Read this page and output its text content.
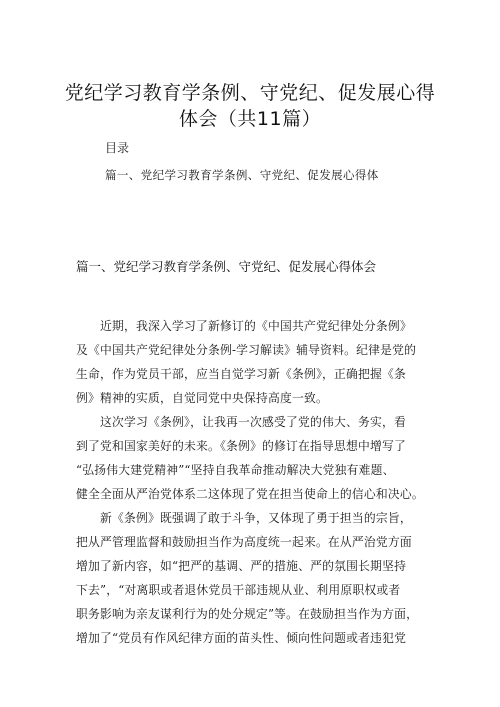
党纪学习教育学条例、守党纪、促发展心得
体会（共11篇）
目录
篇一、党纪学习教育学条例、守党纪、促发展心得体
篇一、党纪学习教育学条例、守党纪、促发展心得体会
　　近期，我深入学习了新修订的《中国共产党纪律处分条例》
及《中国共产党纪律处分条例-学习解读》辅导资料。纪律是党的
生命，作为党员干部，应当自觉学习新《条例》，正确把握《条
例》精神的实质，自觉同党中央保持高度一致。
　　这次学习《条例》，让我再一次感受了党的伟大、务实，看
到了党和国家美好的未来。《条例》的修订在指导思想中增写了
“弘扬伟大建党精神”“坚持自我革命推动解决大党独有难题、
健全全面从严治党体系二这体现了党在担当使命上的信心和决心。
　　新《条例》既强调了敢于斗争，又体现了勇于担当的宗旨，
把从严管理监督和鼓励担当作为高度统一起来。在从严治党方面
增加了新内容，如“把严的基调、严的措施、严的氛围长期坚持
下去”，“对离职或者退休党员干部违规从业、利用原职权或者
职务影响为亲友谋利行为的处分规定”等。在鼓励担当作为方面，
增加了“党员有作风纪律方面的苗头性、倾向性问题或者违犯党
